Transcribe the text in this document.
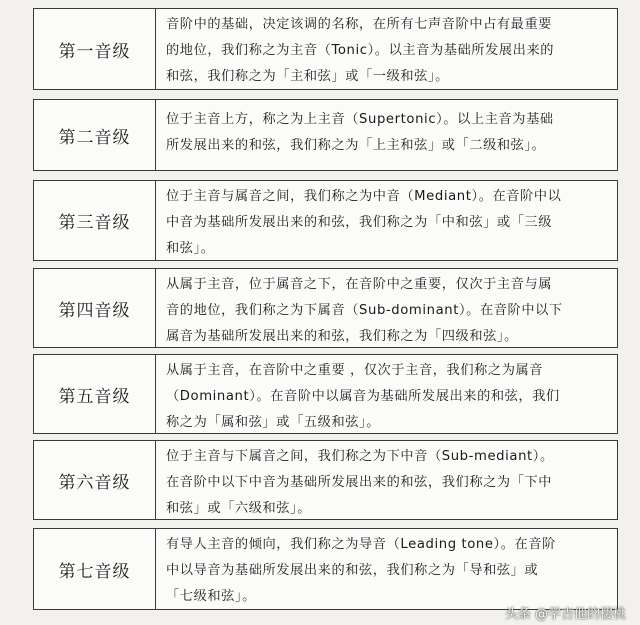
第一音级
音阶中的基础，决定该调的名称，在所有七声音阶中占有最重要
的地位，我们称之为主音（Tonic）。以主音为基础所发展出来的
和弦，我们称之为「主和弦」或「一级和弦」。
第二音级
位于主音上方，称之为上主音（Supertonic）。以上主音为基础
所发展出来的和弦，我们称之为「上主和弦」或「二级和弦」。
第三音级
位于主音与属音之间，我们称之为中音（Mediant）。在音阶中以
中音为基础所发展出来的和弦，我们称之为「中和弦」或「三级
和弦」。
第四音级
从属于主音，位于属音之下，在音阶中之重要，仅次于主音与属
音的地位，我们称之为下属音（Sub-dominant）。在音阶中以下
属音为基础所发展出来的和弦，我们称之为「四级和弦」。
第五音级
从属于主音，在音阶中之重要 ，仅次于主音，我们称之为属音
（Dominant）。在音阶中以属音为基础所发展出来的和弦，我们
称之为「属和弦」或「五级和弦」。
第六音级
位于主音与下属音之间，我们称之为下中音（Sub-mediant）。
在音阶中以下中音为基础所发展出来的和弦，我们称之为「下中
和弦」或「六级和弦」。
第七音级
有导人主音的倾向，我们称之为导音（Leading tone）。在音阶
中以导音为基础所发展出来的和弦，我们称之为「导和弦」或
「七级和弦」。
头条 @学吉他的樱桃
